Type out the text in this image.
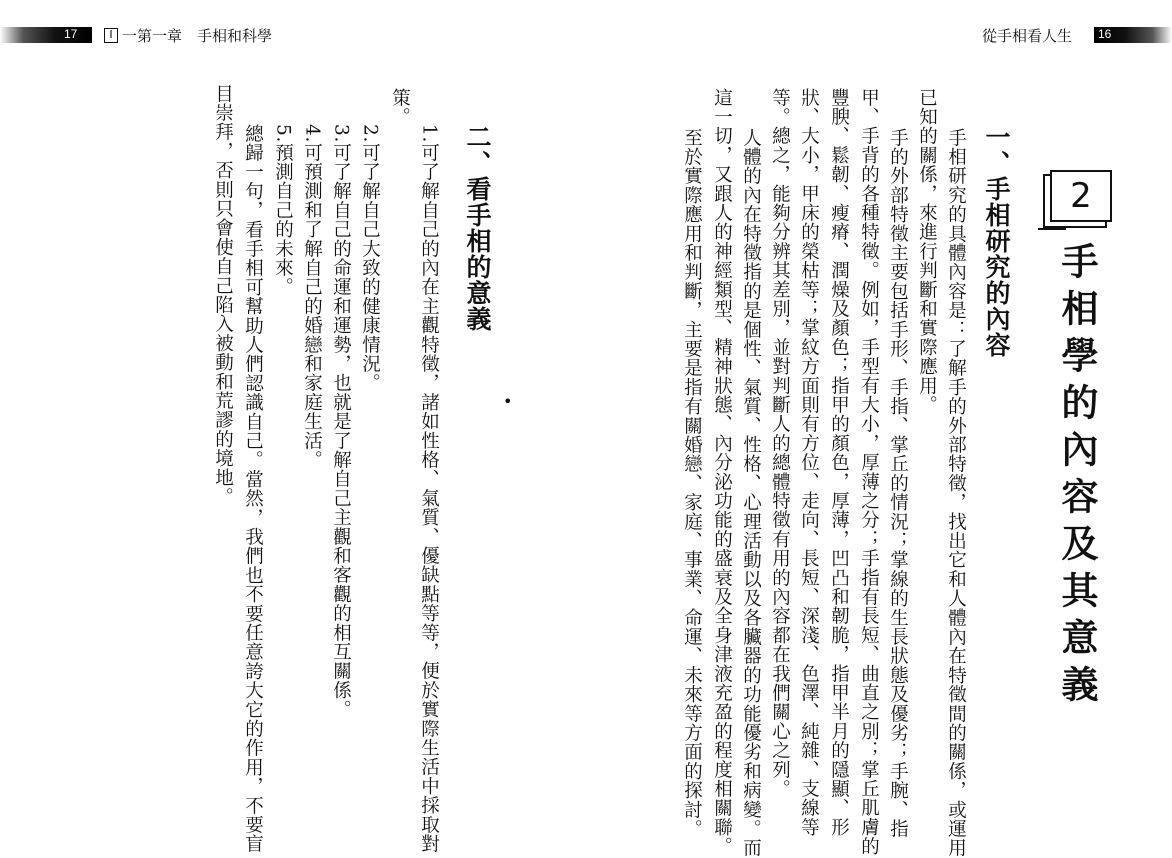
17	Ⅰ 一第一章　手相和科學	從手相看人生 16
2
手相學的內容及其意義
一、手相研究的內容
手相研究的具體內容是：了解手的外部特徵，找出它和人體內在特徵間的關係，或運用
已知的關係，來進行判斷和實際應用。
手的外部特徵主要包括手形、手指、掌丘的情況；掌線的生長狀態及優劣；手腕、指
甲、手背的各種特徵。例如，手型有大小，厚薄之分；手指有長短、曲直之別；掌丘肌膚的
豐腴、鬆韌、瘦瘠、潤燥及顏色；指甲的顏色，厚薄，凹凸和韌脆，指甲半月的隱顯、形
狀、大小，甲床的榮枯等；掌紋方面則有方位、走向、長短、深淺、色澤、純雜、支線等
等。總之，能夠分辨其差別，並對判斷人的總體特徵有用的內容都在我們關心之列。
人體的內在特徵指的是個性、氣質、性格、心理活動以及各臟器的功能優劣和病變。而
這一切，又跟人的神經類型、精神狀態、內分泌功能的盛衰及全身津液充盈的程度相關聯。
至於實際應用和判斷，主要是指有關婚戀、家庭、事業、命運、未來等方面的探討。
策。
二、看手相的意義
1.可了解自己的內在主觀特徵，諸如性格、氣質、優缺點等等，便於實際生活中採取對
2.可了解自己大致的健康情況。
3.可了解自己的命運和運勢，也就是了解自己主觀和客觀的相互關係。
4.可預測和了解自己的婚戀和家庭生活。
5.預測自己的未來。
總歸一句，看手相可幫助人們認識自己。當然，我們也不要任意誇大它的作用，不要盲
目崇拜，否則只會使自己陷入被動和荒謬的境地。	•
